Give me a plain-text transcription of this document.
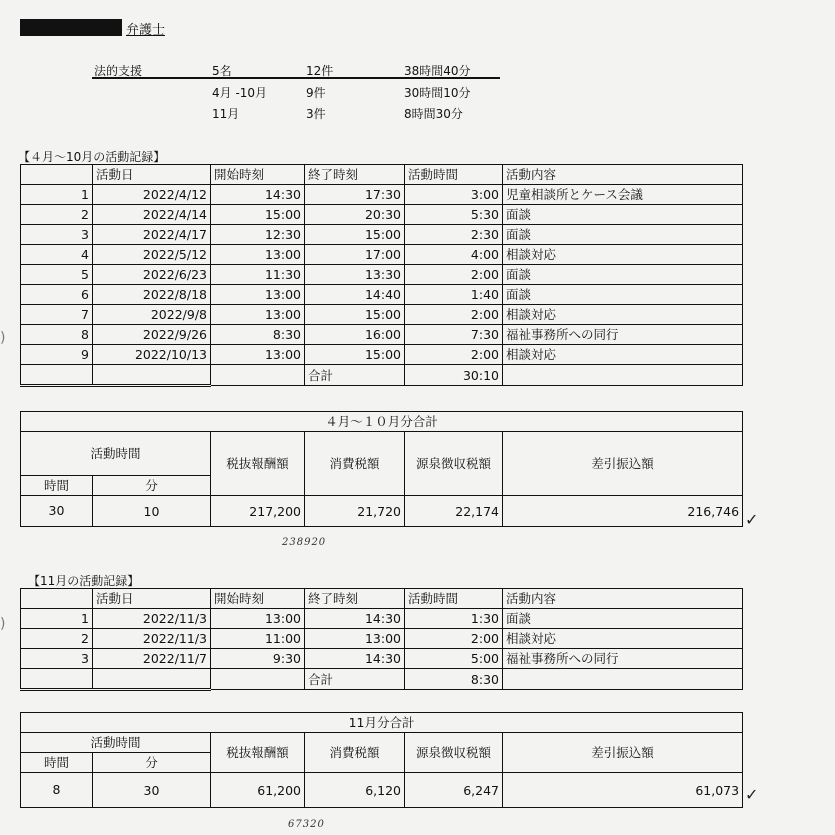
弁護士
法的支援	5名	12件	38時間40分
4月 -10月	9件	30時間10分
11月	3件	8時間30分
【４月～10月の活動記録】
	活動日	開始時刻	終了時刻	活動時間	活動内容
1	2022/4/12	14:30	17:30	3:00	児童相談所とケース会議
2	2022/4/14	15:00	20:30	5:30	面談
3	2022/4/17	12:30	15:00	2:30	面談
4	2022/5/12	13:00	17:00	4:00	相談対応
5	2022/6/23	11:30	13:30	2:00	面談
6	2022/8/18	13:00	14:40	1:40	面談
7	2022/9/8	13:00	15:00	2:00	相談対応
8	2022/9/26	8:30	16:00	7:30	福祉事務所への同行
9	2022/10/13	13:00	15:00	2:00	相談対応
			合計	30:10	
４月～１０月分合計					
活動時間		税抜報酬額	消費税額	源泉徴収税額	差引振込額
時間	分				
30	10	217,200	21,720	22,174	216,746
238920
✓
【11月の活動記録】
	活動日	開始時刻	終了時刻	活動時間	活動内容
1	2022/11/3	13:00	14:30	1:30	面談
2	2022/11/3	11:00	13:00	2:00	相談対応
3	2022/11/7	9:30	14:30	5:00	福祉事務所への同行
			合計	8:30	
11月分合計					
活動時間		税抜報酬額	消費税額	源泉徴収税額	差引振込額
時間	分				
8	30	61,200	6,120	6,247	61,073
67320
✓
)
)
